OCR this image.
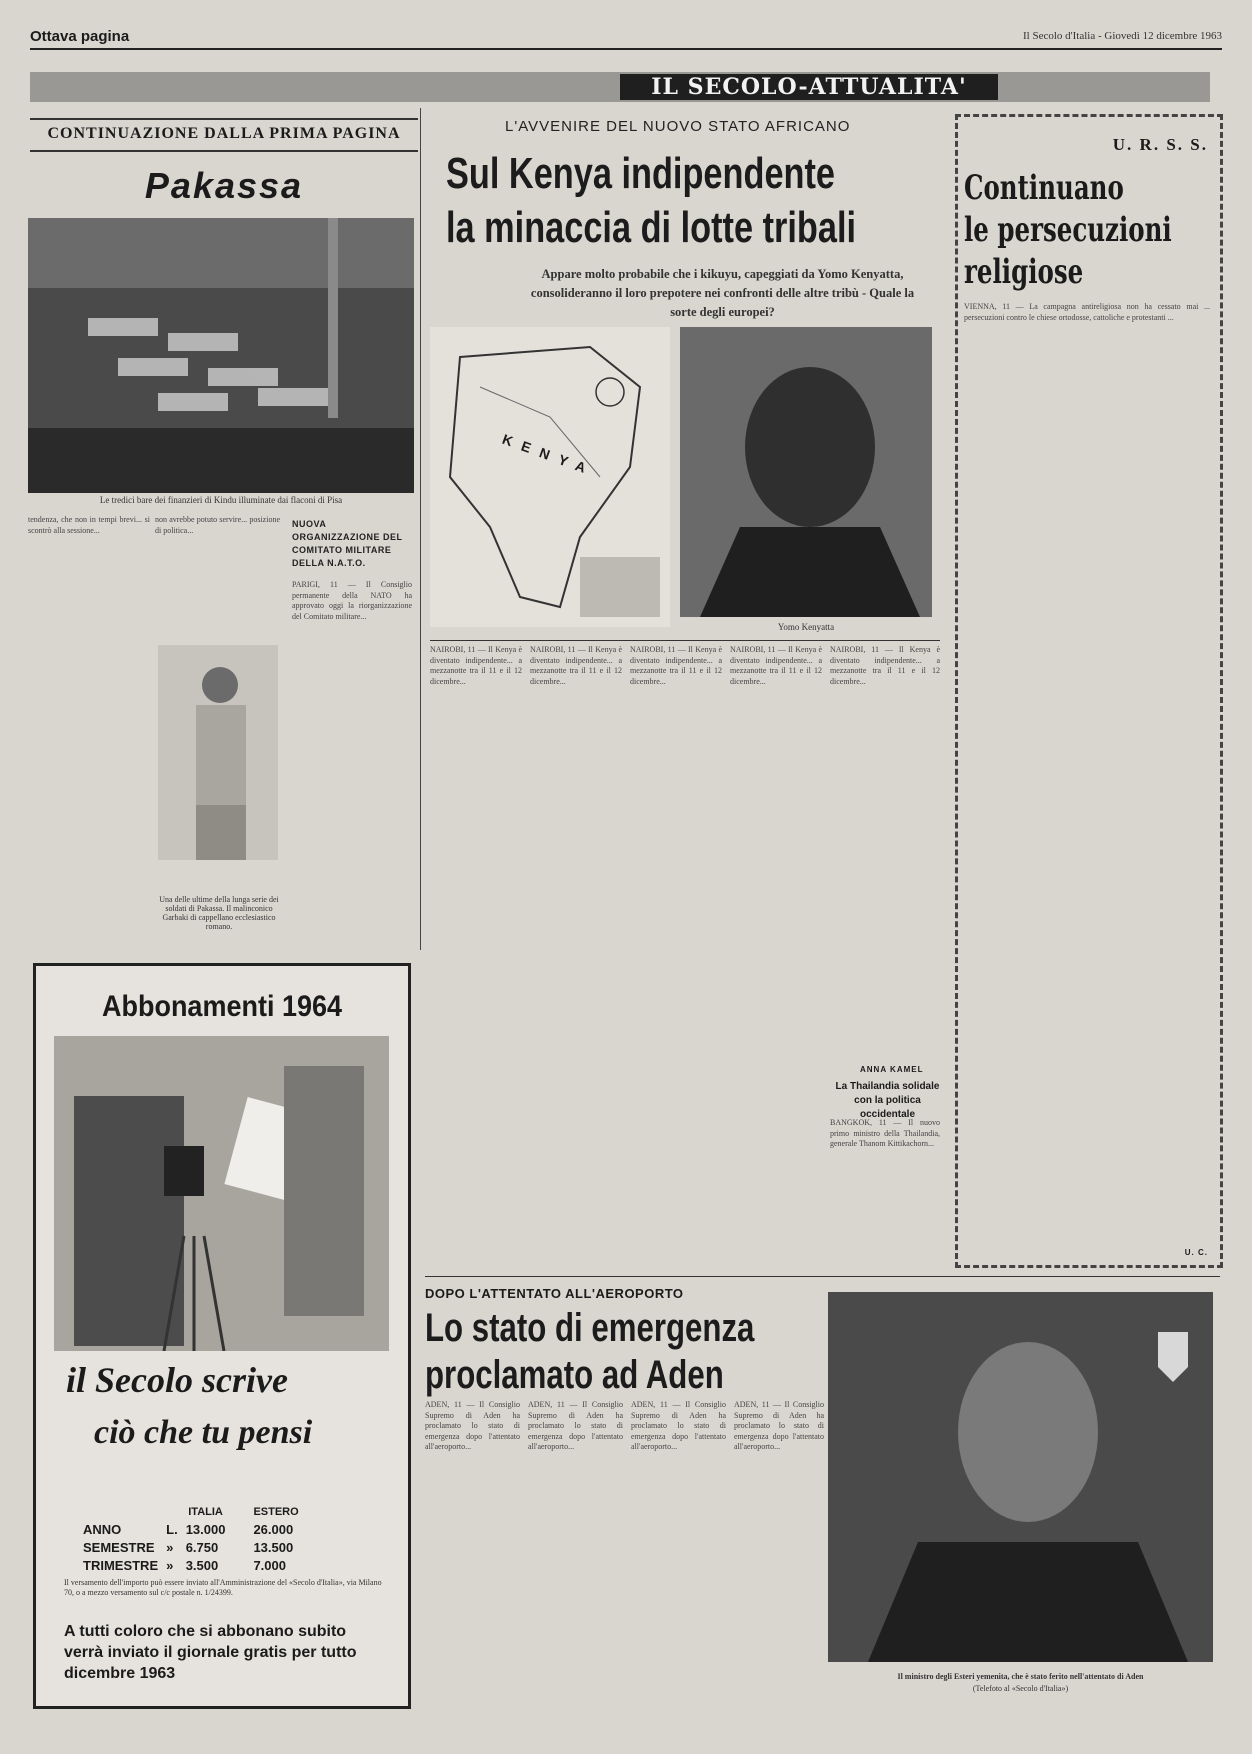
Ottava pagina	Il Secolo d'Italia - Giovedì 12 dicembre 1963
IL SECOLO-ATTUALITA'
CONTINUAZIONE DALLA PRIMA PAGINA
Pakassa
Le tredici bare dei finanzieri di Kindu illuminate dai flaconi di Pisa
tendenza, che non in tempi brevi... si scontrò alla sessione...
non avrebbe potuto servire... posizione di politica...
Una delle ultime della lunga serie dei soldati di Pakassa. Il malinconico Garbaki di cappellano ecclesiastico romano.
NUOVA ORGANIZZAZIONE DEL COMITATO MILITARE DELLA N.A.T.O.
PARIGI, 11 — Il Consiglio permanente della NATO ha approvato oggi la riorganizzazione del Comitato militare...
L'AVVENIRE DEL NUOVO STATO AFRICANO
Sul Kenya indipendente
la minaccia di lotte tribali
Appare molto probabile che i kikuyu, capeggiati da Yomo Kenyatta, consolideranno il loro prepotere nei confronti delle altre tribù - Quale la sorte degli europei?
KENYA
Yomo Kenyatta
NAIROBI, 11 — Il Kenya è diventato indipendente... a mezzanotte tra il 11 e il 12 dicembre...
NAIROBI, 11 — Il Kenya è diventato indipendente... a mezzanotte tra il 11 e il 12 dicembre...
NAIROBI, 11 — Il Kenya è diventato indipendente... a mezzanotte tra il 11 e il 12 dicembre...
NAIROBI, 11 — Il Kenya è diventato indipendente... a mezzanotte tra il 11 e il 12 dicembre...
NAIROBI, 11 — Il Kenya è diventato indipendente... a mezzanotte tra il 11 e il 12 dicembre...
ANNA KAMEL
La Thailandia solidale con la politica occidentale
BANGKOK, 11 — Il nuovo primo ministro della Thailandia, generale Thanom Kittikachorn...
U. R. S. S.
Continuano
le persecuzioni
religiose
VIENNA, 11 — La campagna antireligiosa non ha cessato mai ... persecuzioni contro le chiese ortodosse, cattoliche e protestanti ...
U. C.
Abbonamenti 1964
il Secolo scrive
ciò che tu pensi
		ITALIA	ESTERO
ANNO	L.	13.000	26.000
SEMESTRE	»	6.750	13.500
TRIMESTRE	»	3.500	7.000
Il versamento dell'importo può essere inviato all'Amministrazione del «Secolo d'Italia», via Milano 70, o a mezzo versamento sul c/c postale n. 1/24399.
A tutti coloro che si abbonano subito verrà inviato il giornale gratis per tutto dicembre 1963
DOPO L'ATTENTATO ALL'AEROPORTO
Lo stato di emergenza
proclamato ad Aden
ADEN, 11 — Il Consiglio Supremo di Aden ha proclamato lo stato di emergenza dopo l'attentato all'aeroporto...
ADEN, 11 — Il Consiglio Supremo di Aden ha proclamato lo stato di emergenza dopo l'attentato all'aeroporto...
ADEN, 11 — Il Consiglio Supremo di Aden ha proclamato lo stato di emergenza dopo l'attentato all'aeroporto...
ADEN, 11 — Il Consiglio Supremo di Aden ha proclamato lo stato di emergenza dopo l'attentato all'aeroporto...
Il ministro degli Esteri yemenita, che è stato ferito nell'attentato di Aden
(Telefoto al «Secolo d'Italia»)
